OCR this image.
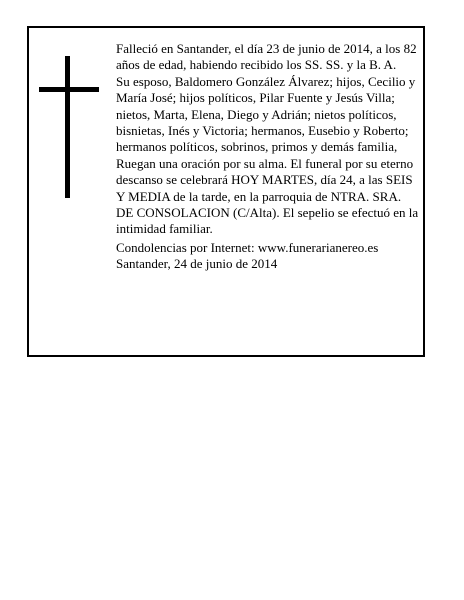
Falleció en Santander, el día 23 de junio de 2014, a los 82 años de edad, habiendo recibido los SS. SS. y la B. A.

Su esposo, Baldomero González Álvarez; hijos, Cecilio y María José; hijos políticos, Pilar Fuente y Jesús Villa; nietos, Marta, Elena, Diego y Adrián; nietos políticos, bisnietas, Inés y Victoria; hermanos, Eusebio y Roberto; hermanos políticos, sobrinos, primos y demás familia,

Ruegan una oración por su alma. El funeral por su eterno descanso se celebrará HOY MARTES, día 24, a las SEIS Y MEDIA de la tarde, en la parroquia de NTRA. SRA. DE CONSOLACION (C/Alta). El sepelio se efectuó en la intimidad familiar.

Condolencias por Internet: www.funerarianereo.es

Santander, 24 de junio de 2014
